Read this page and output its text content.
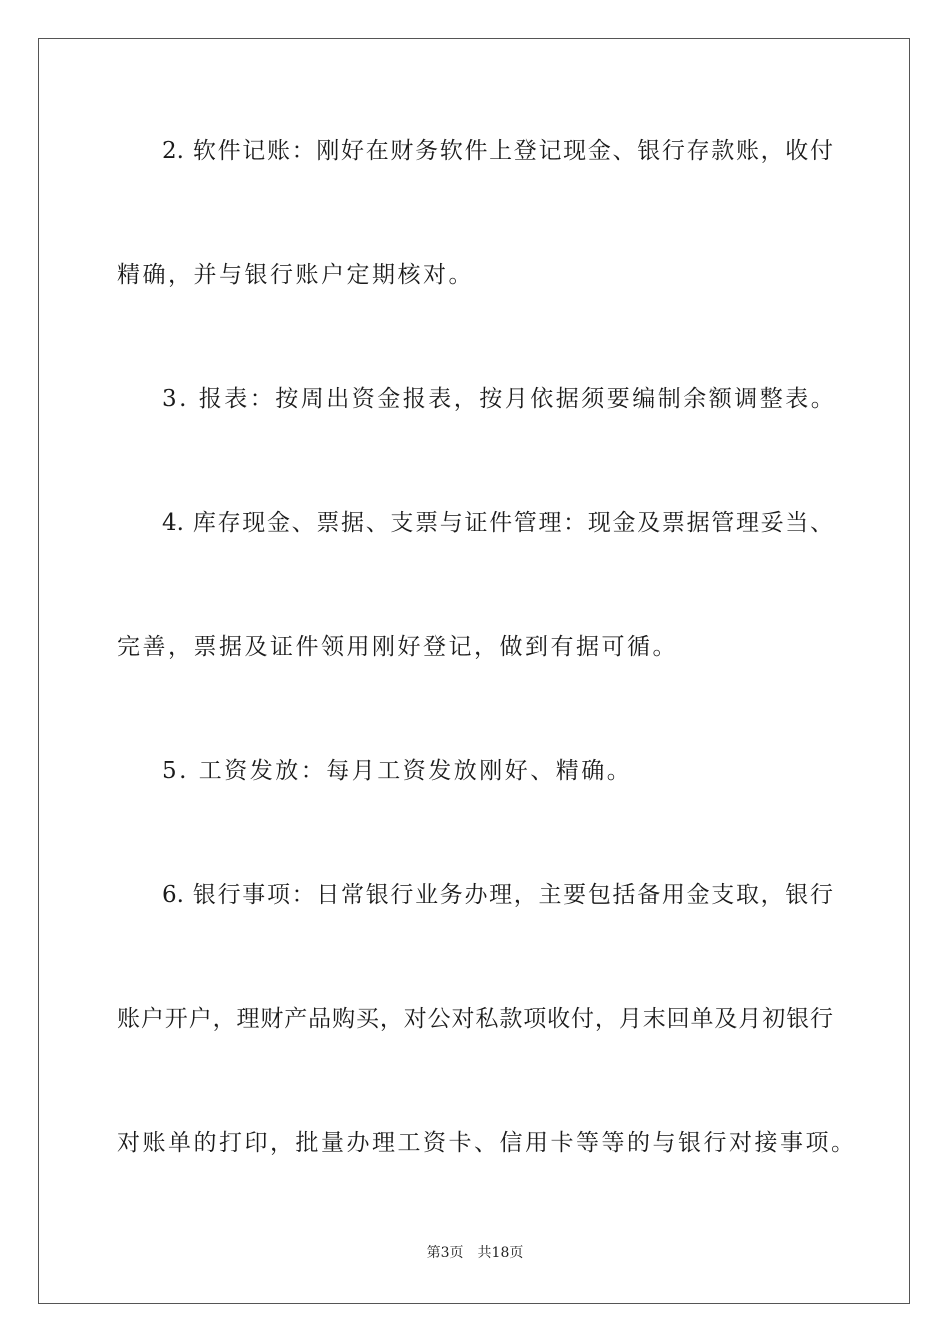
2. 软件记账：刚好在财务软件上登记现金、银行存款账，收付
精确，并与银行账户定期核对。
3. 报表：按周出资金报表，按月依据须要编制余额调整表。
4. 库存现金、票据、支票与证件管理：现金及票据管理妥当、
完善，票据及证件领用刚好登记，做到有据可循。
5. 工资发放：每月工资发放刚好、精确。
6. 银行事项：日常银行业务办理，主要包括备用金支取，银行
账户开户，理财产品购买，对公对私款项收付，月末回单及月初银行
对账单的打印，批量办理工资卡、信用卡等等的与银行对接事项。
第3页 共18页
